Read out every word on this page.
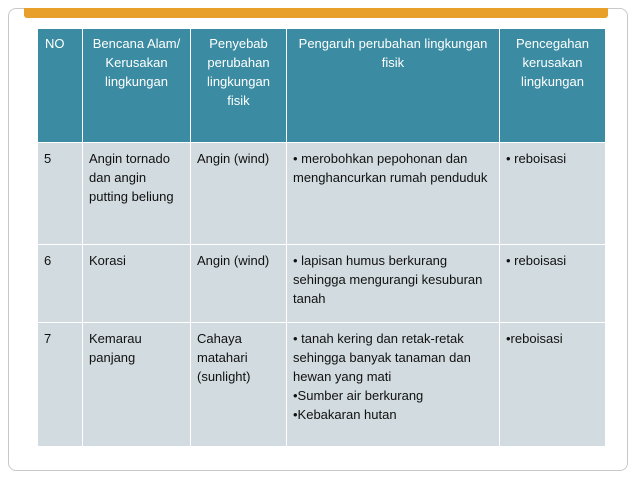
NO	Bencana Alam/ Kerusakan lingkungan	Penyebab perubahan lingkungan fisik	Pengaruh perubahan lingkungan fisik	Pencegahan kerusakan lingkungan
5	Angin tornado dan angin putting beliung	Angin (wind)	• merobohkan pepohonan dan menghancurkan rumah penduduk	• reboisasi
6	Korasi	Angin (wind)	• lapisan humus berkurang sehingga mengurangi kesuburan tanah	• reboisasi
7	Kemarau panjang	Cahaya matahari (sunlight)	• tanah kering dan retak-retak sehingga banyak tanaman dan hewan yang mati
•Sumber air berkurang
•Kebakaran hutan	•reboisasi
